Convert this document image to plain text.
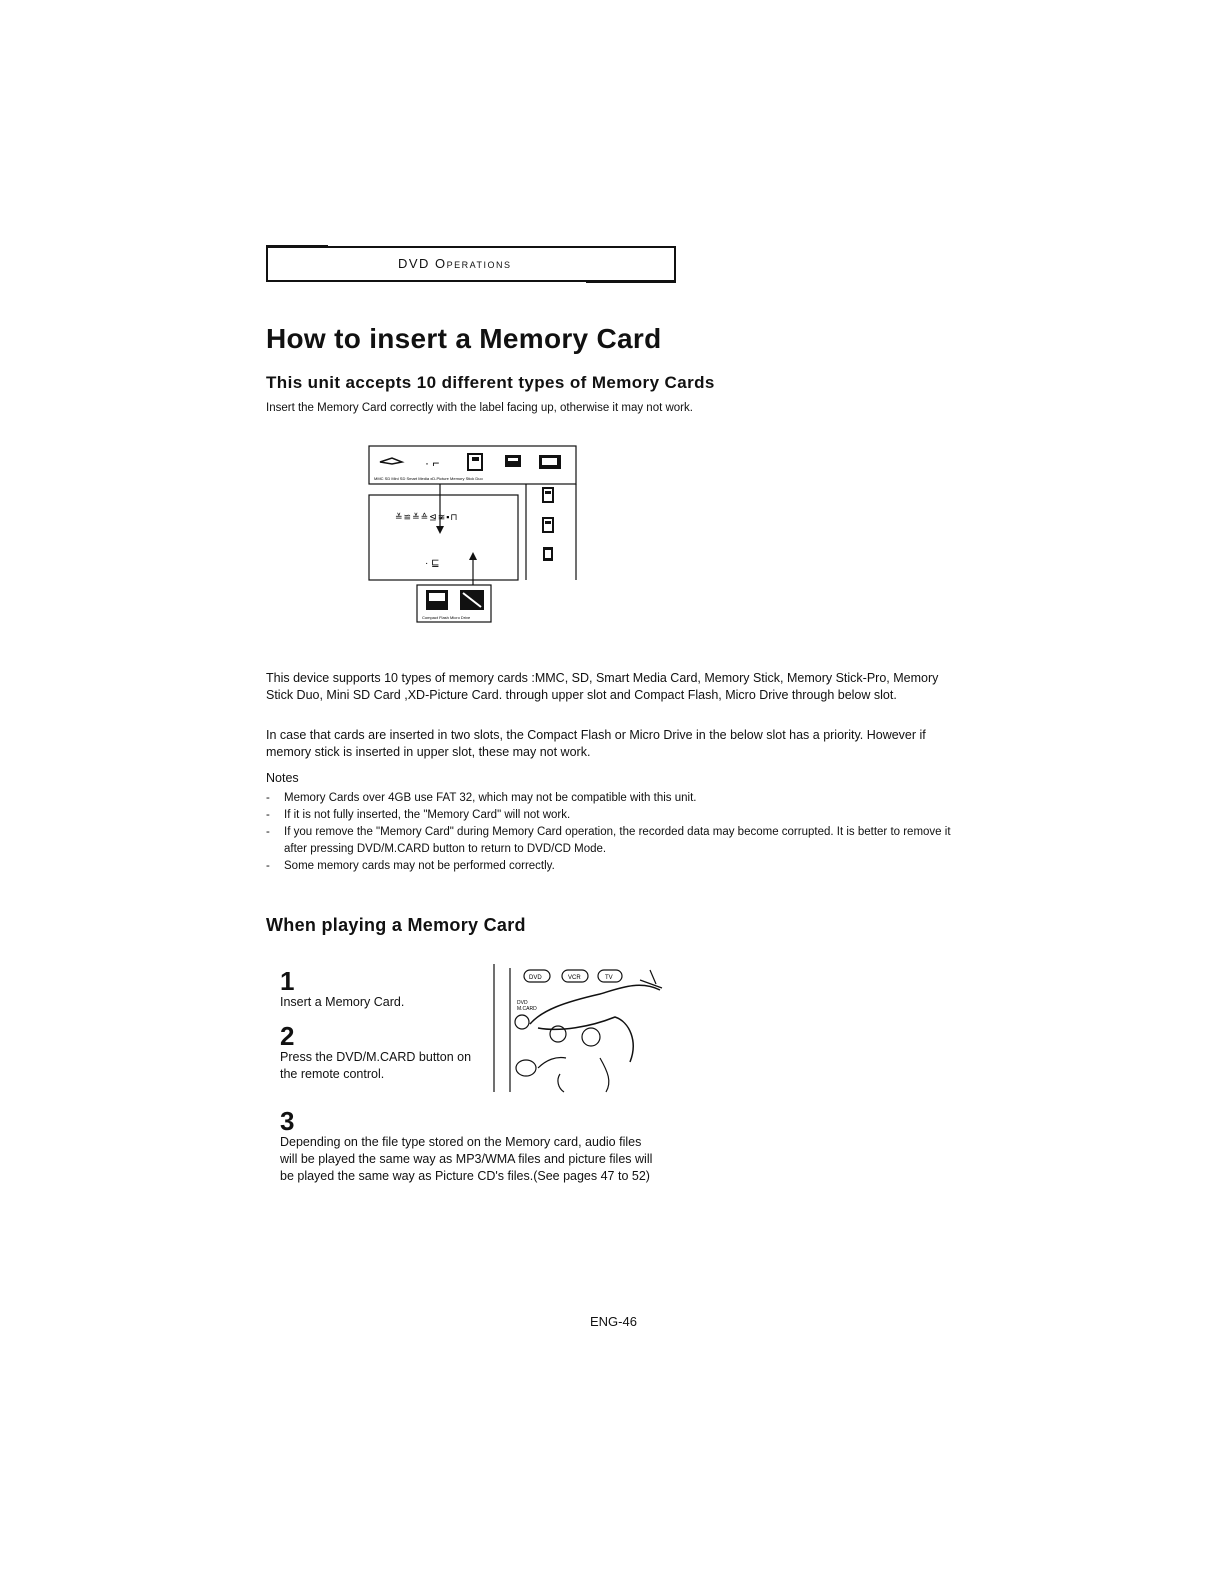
DVD Operations
How to insert a Memory Card
This unit accepts 10 different types of Memory Cards
Insert the Memory Card correctly with the label facing up, otherwise it may not work.
· ⌐
MMC SD Mini SD Smart Media xD-Picture Memory Stick Duo
≚≌≚≙⊴≆▪⊓
· ⊑
Compact Flash Micro Drive
This device supports 10 types of memory cards :MMC, SD, Smart Media Card, Memory Stick, Memory Stick-Pro, Memory Stick Duo, Mini SD Card ,XD-Picture Card. through upper slot and Compact Flash, Micro Drive through below slot.
In case that cards are inserted in two slots, the Compact Flash or Micro Drive in the below slot has a priority. However if memory stick is inserted in upper slot, these may not work.
Notes
- Memory Cards over 4GB use FAT 32, which may not be compatible with this unit.
- If it is not fully inserted, the "Memory Card" will not work.
- If you remove the "Memory Card" during Memory Card operation, the recorded data may become corrupted. It is better to remove it after pressing DVD/M.CARD button to return to DVD/CD Mode.
- Some memory cards may not be performed correctly.
When playing a Memory Card
1
Insert a Memory Card.
2
Press the DVD/M.CARD button on the remote control.
3
Depending on the file type stored on the Memory card, audio files will be played the same way as MP3/WMA files and picture files will be played the same way as Picture CD's files.(See pages 47 to 52)
DVD	VCR	TV
DVD
M.CARD
ENG-46
